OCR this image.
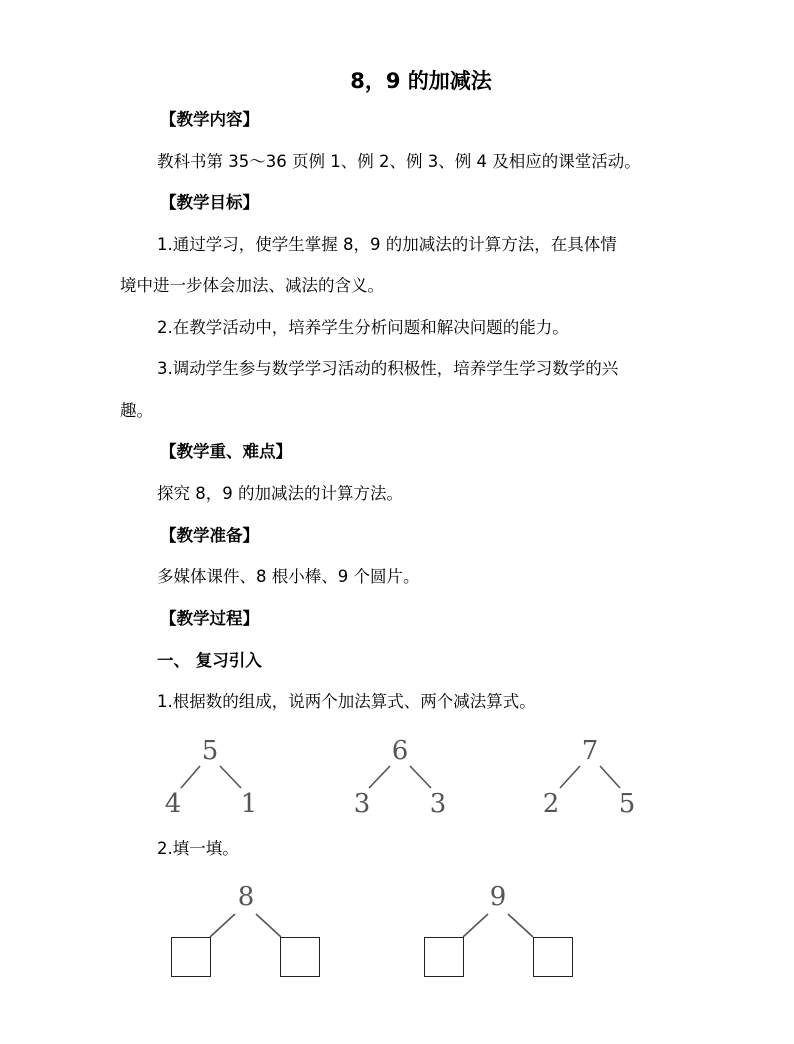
8，9 的加减法
【教学内容】
教科书第 35～36 页例 1、例 2、例 3、例 4 及相应的课堂活动。
【教学目标】
1.通过学习，使学生掌握 8，9 的加减法的计算方法，在具体情
境中进一步体会加法、减法的含义。
2.在教学活动中，培养学生分析问题和解决问题的能力。
3.调动学生参与数学学习活动的积极性，培养学生学习数学的兴
趣。
【教学重、难点】
探究 8，9 的加减法的计算方法。
【教学准备】
多媒体课件、8 根小棒、9 个圆片。
【教学过程】
一、 复习引入
1.根据数的组成，说两个加法算式、两个减法算式。
5
4 1
6
3 3
7
2 5
2.填一填。
8	9
